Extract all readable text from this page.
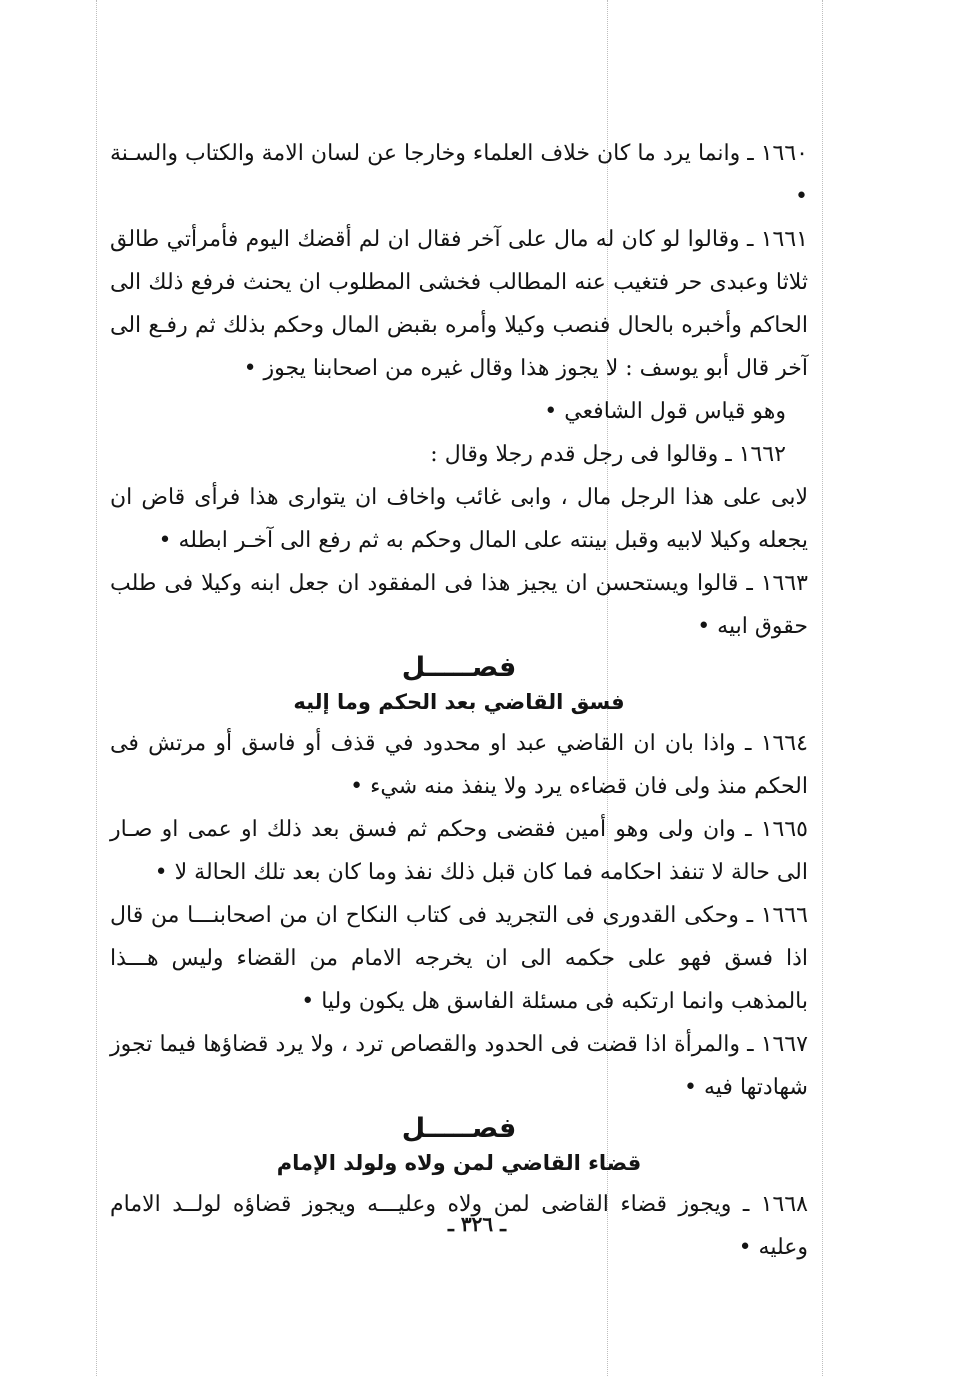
١٦٦٠ ـ وانما يرد ما كان خلاف العلماء وخارجا عن لسان الامة والكتاب والسـنة •

١٦٦١ ـ وقالوا لو كان له مال على آخر فقال ان لم أقضك اليوم فأمرأتي طالق ثلاثا وعبدى حر فتغيب عنه المطالب فخشى المطلوب ان يحنث فرفع ذلك الى الحاكم وأخبره بالحال فنصب وكيلا وأمره بقبض المال وحكم بذلك ثم رفـع الى آخر قال أبو يوسف : لا يجوز هذا وقال غيره من اصحابنا يجوز •

وهو قياس قول الشافعي •

١٦٦٢ ـ وقالوا فى رجل قدم رجلا وقال :

لابى على هذا الرجل مال ، وابى غائب واخاف ان يتوارى هذا فرأى قاض ان يجعله وكيلا لابيه وقبل بينته على المال وحكم به ثم رفع الى آخـر ابطله •

١٦٦٣ ـ قالوا ويستحسن ان يجيز هذا فى المفقود ان جعل ابنه وكيلا فى طلب حقوق ابيه •

فصـــــل
فسق القاضي بعد الحكم وما إليه

١٦٦٤ ـ واذا بان ان القاضي عبد او محدود في قذف أو فاسق أو مرتش فى الحكم منذ ولى فان قضاءه يرد ولا ينفذ منه شيء •

١٦٦٥ ـ وان ولى وهو أمين فقضى وحكم ثم فسق بعد ذلك او عمى او صـار الى حالة لا تنفذ احكامه فما كان قبل ذلك نفذ وما كان بعد تلك الحالة لا •

١٦٦٦ ـ وحكى القدورى فى التجريد فى كتاب النكاح ان من اصحابنـــا من قال اذا فسق فهو على حكمه الى ان يخرجه الامام من القضاء وليس هـــذا بالمذهب وانما ارتكبه فى مسئلة الفاسق هل يكون وليا •

١٦٦٧ ـ والمرأة اذا قضت فى الحدود والقصاص ترد ، ولا يرد قضاؤها فيما تجوز شهادتها فيه •

فصـــــل
قضاء القاضي لمن ولاه ولولد الإمام

١٦٦٨ ـ ويجوز قضاء القاضى لمن ولاه وعليـــه ويجوز قضاؤه لولــد الامام وعليه •

ـ ٣٢٦ ـ
